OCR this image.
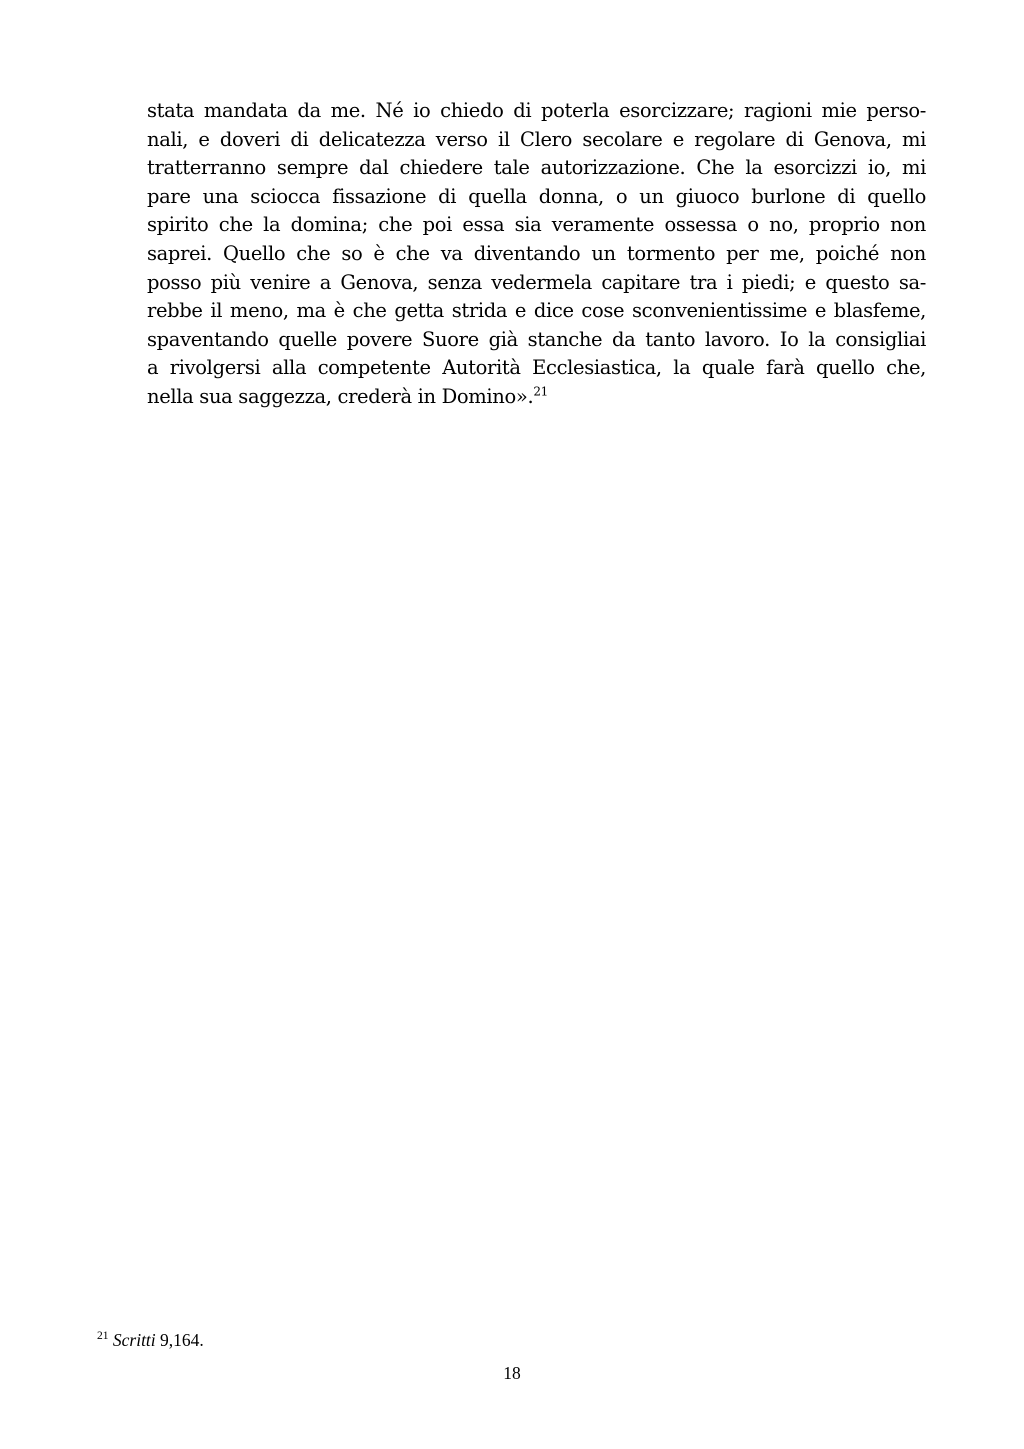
stata mandata da me. Né io chiedo di poterla esorcizzare; ragioni mie perso-
nali, e doveri di delicatezza verso il Clero secolare e regolare di Genova, mi
tratterranno sempre dal chiedere tale autorizzazione. Che la esorcizzi io, mi
pare una sciocca fissazione di quella donna, o un giuoco burlone di quello
spirito che la domina; che poi essa sia veramente ossessa o no, proprio non
saprei. Quello che so è che va diventando un tormento per me, poiché non
posso più venire a Genova, senza vedermela capitare tra i piedi; e questo sa-
rebbe il meno, ma è che getta strida e dice cose sconvenientissime e blasfeme,
spaventando quelle povere Suore già stanche da tanto lavoro. Io la consigliai
a rivolgersi alla competente Autorità Ecclesiastica, la quale farà quello che,
nella sua saggezza, crederà in Domino».$^{21}$
$^{21}$ Scritti 9,164.
18
